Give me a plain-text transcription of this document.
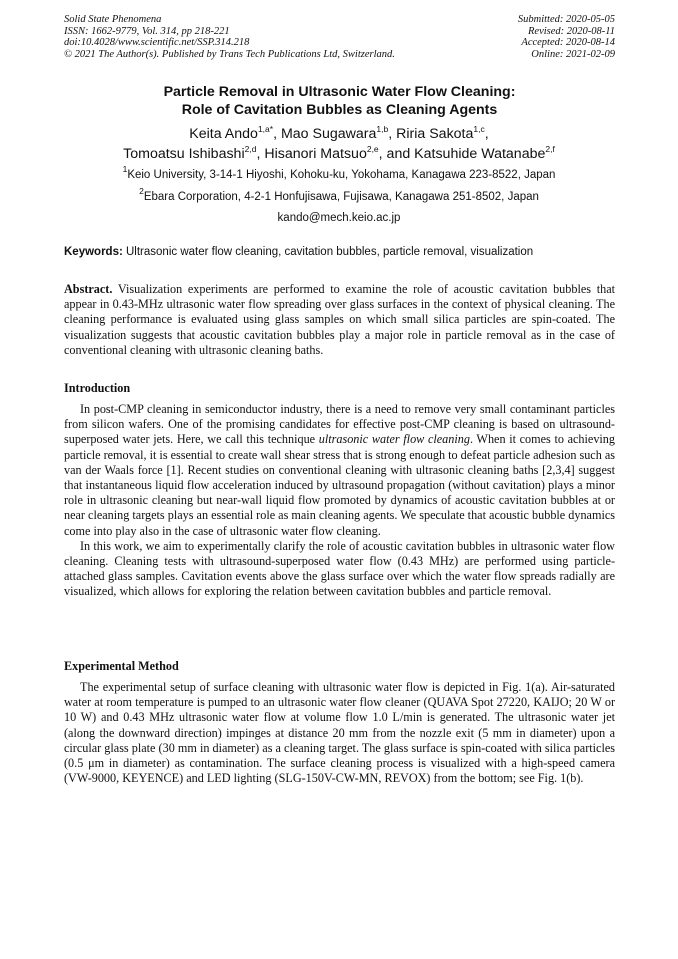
Solid State Phenomena
ISSN: 1662-9779, Vol. 314, pp 218-221
doi:10.4028/www.scientific.net/SSP.314.218
© 2021 The Author(s). Published by Trans Tech Publications Ltd, Switzerland.
Submitted: 2020-05-05
Revised: 2020-08-11
Accepted: 2020-08-14
Online: 2021-02-09
Particle Removal in Ultrasonic Water Flow Cleaning:
Role of Cavitation Bubbles as Cleaning Agents
Keita Ando$^{1,a*}$, Mao Sugawara$^{1,b}$, Riria Sakota$^{1,c}$,
Tomoatsu Ishibashi$^{2,d}$, Hisanori Matsuo$^{2,e}$, and Katsuhide Watanabe$^{2,f}$
$^1$Keio University, 3-14-1 Hiyoshi, Kohoku-ku, Yokohama, Kanagawa 223-8522, Japan
$^2$Ebara Corporation, 4-2-1 Honfujisawa, Fujisawa, Kanagawa 251-8502, Japan
kando@mech.keio.ac.jp
Keywords: Ultrasonic water flow cleaning, cavitation bubbles, particle removal, visualization

Abstract. Visualization experiments are performed to examine the role of acoustic cavitation bubbles that appear in 0.43-MHz ultrasonic water flow spreading over glass surfaces in the context of physical cleaning. The cleaning performance is evaluated using glass samples on which small silica particles are spin-coated. The visualization suggests that acoustic cavitation bubbles play a major role in particle removal as in the case of conventional cleaning with ultrasonic cleaning baths.

Introduction

In post-CMP cleaning in semiconductor industry, there is a need to remove very small contaminant particles from silicon wafers. One of the promising candidates for effective post-CMP cleaning is based on ultrasound-superposed water jets. Here, we call this technique ultrasonic water flow cleaning. When it comes to achieving particle removal, it is essential to create wall shear stress that is strong enough to defeat particle adhesion such as van der Waals force [1]. Recent studies on conventional cleaning with ultrasonic cleaning baths [2,3,4] suggest that instantaneous liquid flow acceleration induced by ultrasound propagation (without cavitation) plays a minor role in ultrasonic cleaning but near-wall liquid flow promoted by dynamics of acoustic cavitation bubbles at or near cleaning targets plays an essential role as main cleaning agents. We speculate that acoustic bubble dynamics come into play also in the case of ultrasonic water flow cleaning.

In this work, we aim to experimentally clarify the role of acoustic cavitation bubbles in ultrasonic water flow cleaning. Cleaning tests with ultrasound-superposed water flow (0.43 MHz) are performed using particle-attached glass samples. Cavitation events above the glass surface over which the water flow spreads radially are visualized, which allows for exploring the relation between cavitation bubbles and particle removal.

Experimental Method

The experimental setup of surface cleaning with ultrasonic water flow is depicted in Fig. 1(a). Air-saturated water at room temperature is pumped to an ultrasonic water flow cleaner (QUAVA Spot 27220, KAIJO; 20 W or 10 W) and 0.43 MHz ultrasonic water flow at volume flow 1.0 L/min is generated. The ultrasonic water jet (along the downward direction) impinges at distance 20 mm from the nozzle exit (5 mm in diameter) upon a circular glass plate (30 mm in diameter) as a cleaning target. The glass surface is spin-coated with silica particles (0.5 μm in diameter) as contamination. The surface cleaning process is visualized with a high-speed camera (VW-9000, KEYENCE) and LED lighting (SLG-150V-CW-MN, REVOX) from the bottom; see Fig. 1(b).
